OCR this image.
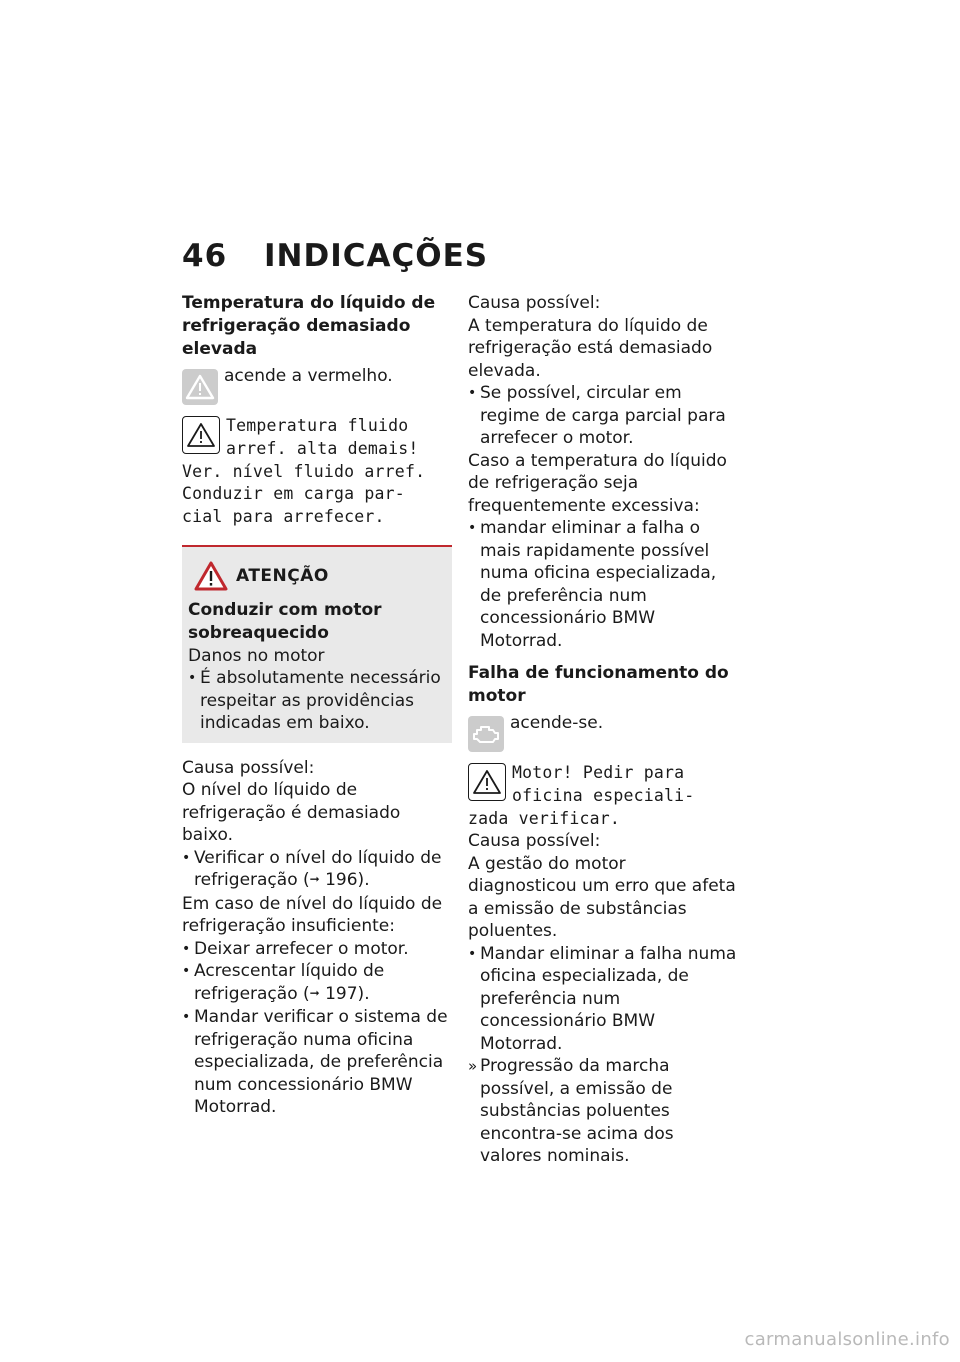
46 INDICAÇÕES

Temperatura do líquido de refrigeração demasiado elevada

acende a vermelho.

Temperatura fluido
arref. alta demais!
Ver. nível fluido arref.
Conduzir em carga par-
cial para arrefecer.
ATENÇÃO

Conduzir com motor sobreaquecido

Danos no motor

• É absolutamente necessário respeitar as providências indicadas em baixo.

Causa possível:

O nível do líquido de refrigeração é demasiado baixo.

• Verificar o nível do líquido de refrigeração (➞ 196).

Em caso de nível do líquido de refrigeração insuficiente:

• Deixar arrefecer o motor.
• Acrescentar líquido de refrigeração (➞ 197).
• Mandar verificar o sistema de refrigeração numa oficina especializada, de preferência num concessionário BMW Motorrad.

Causa possível:

A temperatura do líquido de refrigeração está demasiado elevada.

• Se possível, circular em regime de carga parcial para arrefecer o motor.

Caso a temperatura do líquido de refrigeração seja frequentemente excessiva:

• mandar eliminar a falha o mais rapidamente possível numa oficina especializada, de preferência num concessionário BMW Motorrad.

Falha de funcionamento do motor

acende-se.

Motor! Pedir para
oficina especiali-
zada verificar.

Causa possível:

A gestão do motor diagnosticou um erro que afeta a emissão de substâncias poluentes.

• Mandar eliminar a falha numa oficina especializada, de preferência num concessionário BMW Motorrad.
» Progressão da marcha possível, a emissão de substâncias poluentes encontra-se acima dos valores nominais.
carmanualsonline.info
